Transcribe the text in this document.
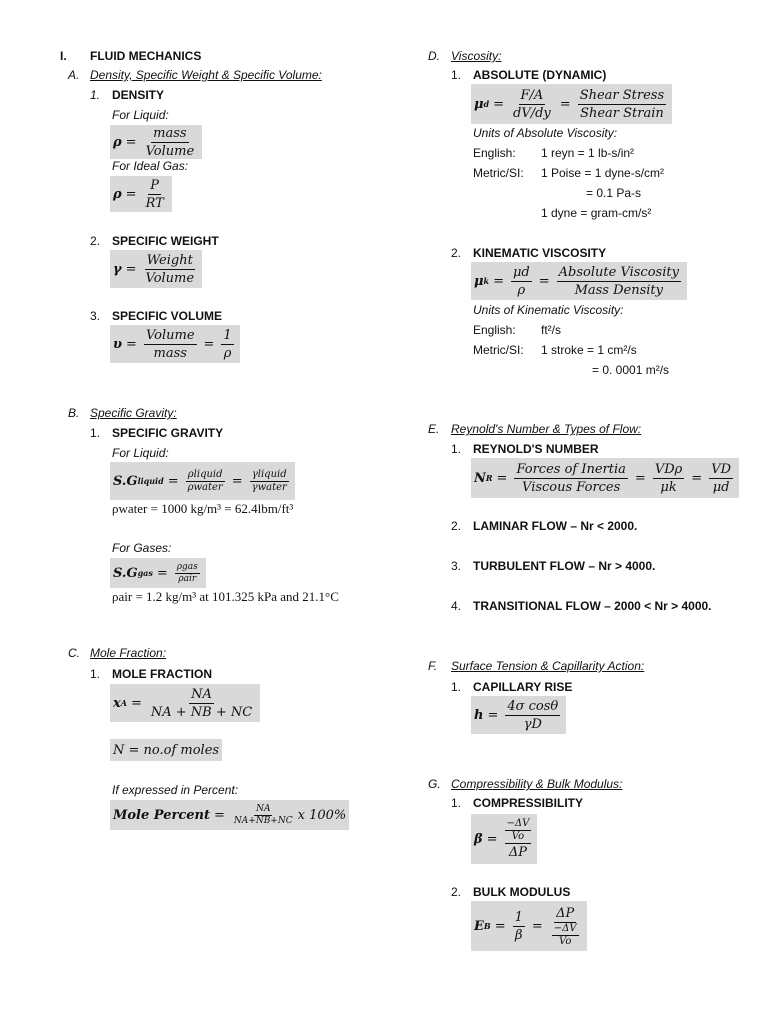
I. FLUID MECHANICS
A. Density, Specific Weight & Specific Volume:
1. DENSITY
For Liquid:
$\rho = \frac{\text{mass}}{\text{Volume}}$
For Ideal Gas:
$\rho = \frac{P}{RT}$
2. SPECIFIC WEIGHT
$\gamma = \frac{\text{Weight}}{\text{Volume}}$
3. SPECIFIC VOLUME
$\upsilon = \frac{\text{Volume}}{\text{mass}} = \frac{1}{\rho}$
B. Specific Gravity:
1. SPECIFIC GRAVITY
For Liquid:
S.G liquid = $\frac{\text{ρliquid}}{\text{ρwater}} = \frac{\text{γliquid}}{\text{γwater}}$
ρwater = 1000 kg/m³ = 62.4lbm/ft³
For Gases:
S.G gas = $\frac{\text{ρgas}}{\text{ρair}}$
ρair = 1.2 kg/m³ at 101.325 kPa and 21.1°C
C. Mole Fraction:
1. MOLE FRACTION
x $A = \frac{NA}{NA + NB + NC}$
N = no.of moles
If expressed in Percent:
Mole Percent = $\frac{NA}{NA+NB+NC}$ x 100%
D. Viscosity:
1. ABSOLUTE (DYNAMIC)
μ $d = \frac{F/A}{dV/dy} = \frac{\text{Shear Stress}}{\text{Shear Strain}}$
Units of Absolute Viscosity:
English: 1 reyn = 1 lb-s/in²
Metric/SI: 1 Poise = 1 dyne-s/cm²
= 0.1 Pa-s
1 dyne = gram-cm/s²
2. KINEMATIC VISCOSITY
μ $k = \frac{\mu d}{\rho} = \frac{\text{Absolute Viscosity}}{\text{Mass Density}}$
Units of Kinematic Viscosity:
English: ft²/s
Metric/SI: 1 stroke = 1 cm²/s
= 0. 0001 m²/s
E. Reynold's Number & Types of Flow:
1. REYNOLD'S NUMBER
N $R = \frac{\text{Forces of Inertia}}{\text{Viscous Forces}} = \frac{\text{VDρ}}{\mu k} = \frac{VD}{\mu d}$
2. LAMINAR FLOW – Nr < 2000.
3. TURBULENT FLOW – Nr > 4000.
4. TRANSITIONAL FLOW – 2000 < Nr > 4000.
F. Surface Tension & Capillarity Action:
1. CAPILLARY RISE
$h = \frac{\text{4σ cosθ}}{\gamma D}$
G. Compressibility & Bulk Modulus:
1. COMPRESSIBILITY
$\beta = \frac{\frac{-\Delta V}{Vo}}{\Delta P}$
2. BULK MODULUS
E $B = \frac{1}{\beta} = \frac{\Delta P}{\frac{-\Delta V}{Vo}}$
